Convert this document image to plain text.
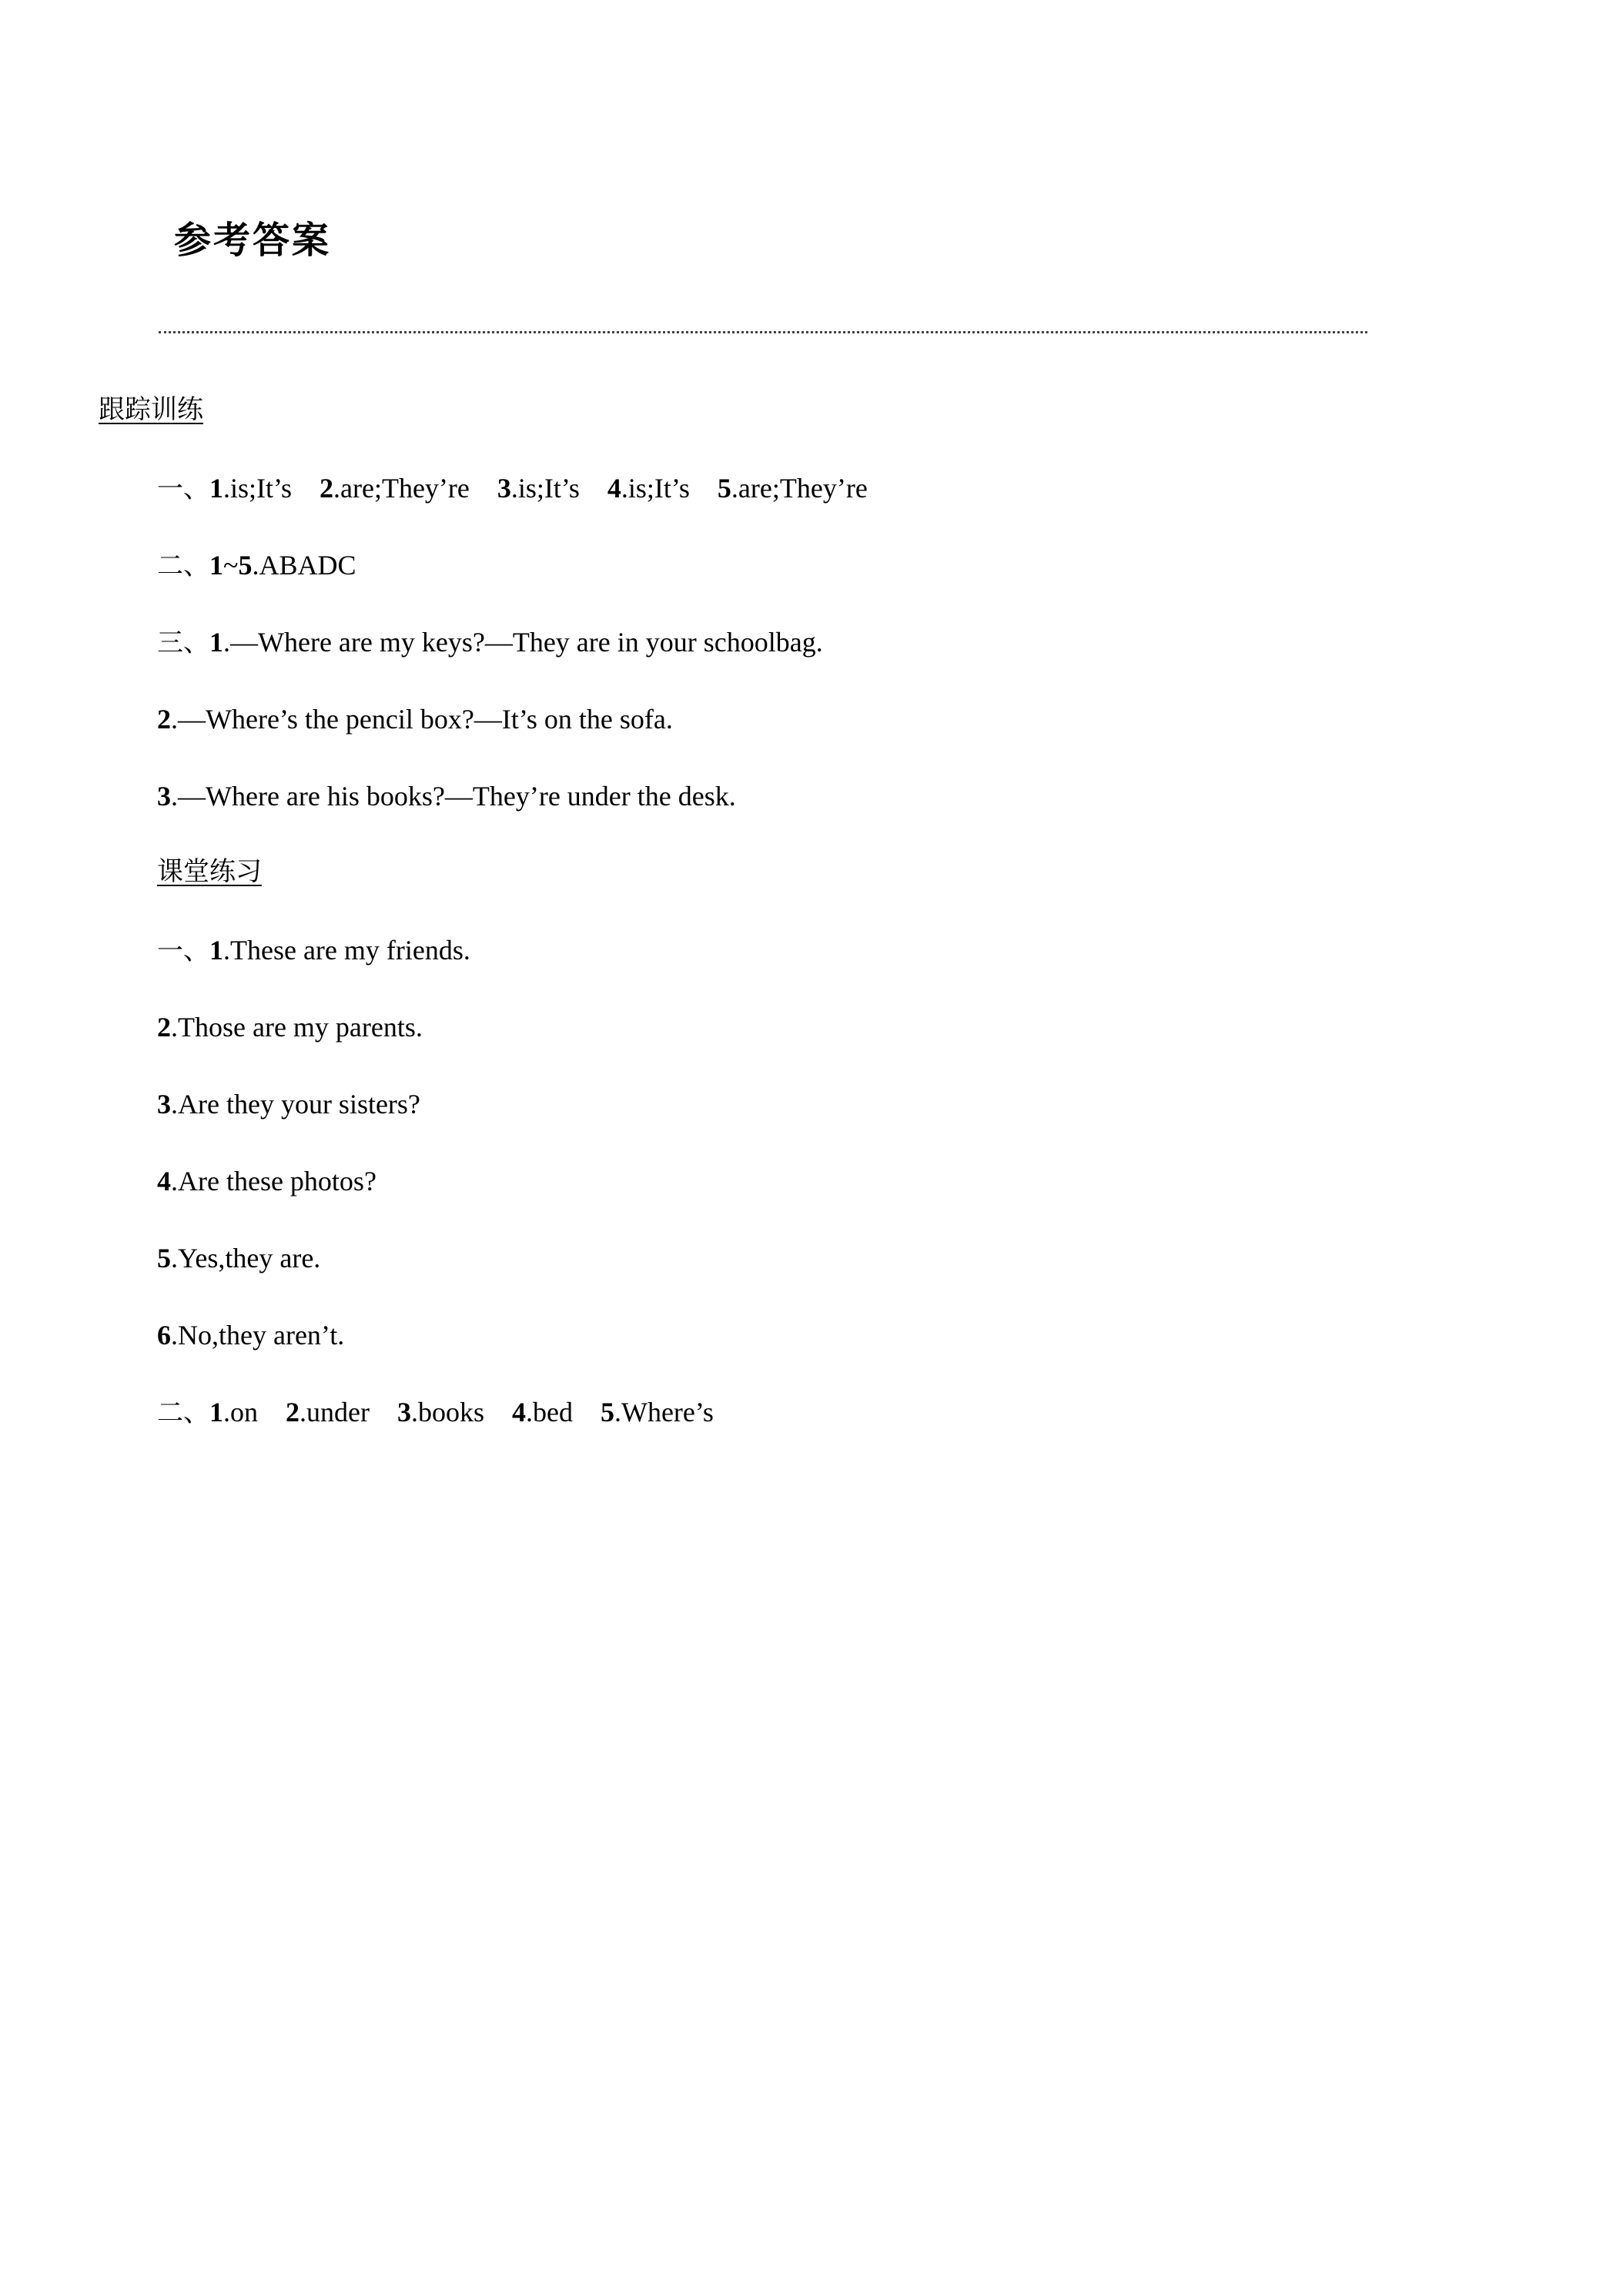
参考答案

跟踪训练

一、1.is;It’s 2.are;They’re 3.is;It’s 4.is;It’s 5.are;They’re

二、1~5.ABADC

三、1.—Where are my keys?—They are in your schoolbag.

2.—Where’s the pencil box?—It’s on the sofa.

3.—Where are his books?—They’re under the desk.

课堂练习

一、1.These are my friends.

2.Those are my parents.

3.Are they your sisters?

4.Are these photos?

5.Yes,they are.

6.No,they aren’t.

二、1.on 2.under 3.books 4.bed 5.Where’s
